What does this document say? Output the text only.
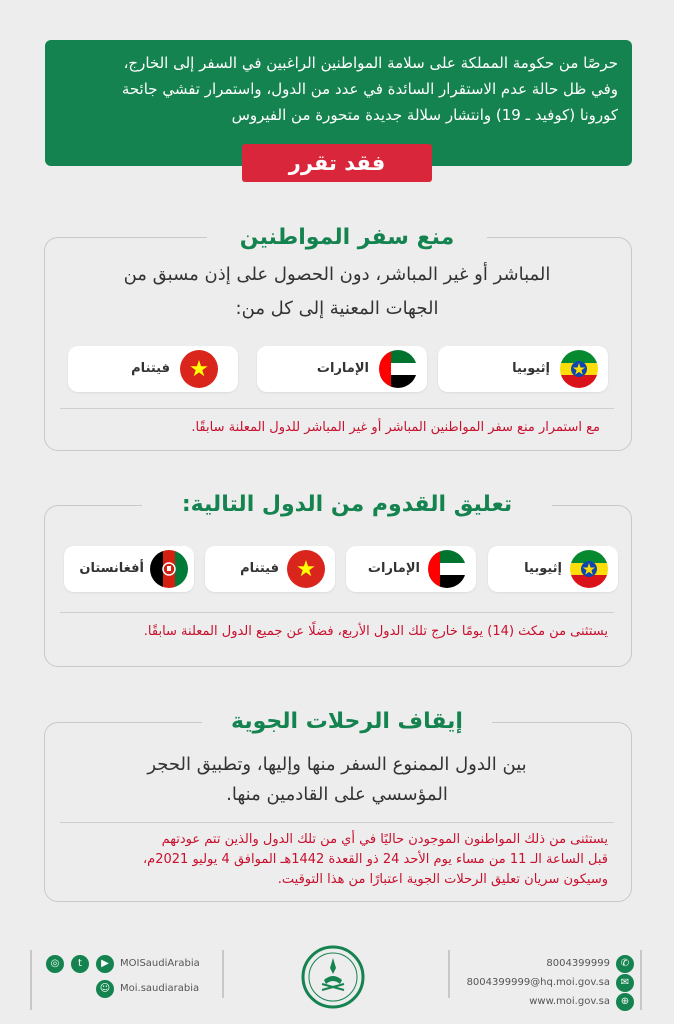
حرصًا من حكومة المملكة على سلامة المواطنين الراغبين في السفر إلى الخارج،
وفي ظل حالة عدم الاستقرار السائدة في عدد من الدول، واستمرار تفشي جائحة
كورونا (كوفيد ـ 19) وانتشار سلالة جديدة متحورة من الفيروس
فقد تقرر
منع سفر المواطنين
المباشر أو غير المباشر، دون الحصول على إذن مسبق من
الجهات المعنية إلى كل من:
إثيوبيا
الإمارات
فيتنام
مع استمرار منع سفر المواطنين المباشر أو غير المباشر للدول المعلنة سابقًا.
تعليق القدوم من الدول التالية:
إثيوبيا
الإمارات
فيتنام
أفغانستان
يستثنى من مكث (14) يومًا خارج تلك الدول الأربع، فضلًا عن جميع الدول المعلنة سابقًا.
إيقاف الرحلات الجوية
بين الدول الممنوع السفر منها وإليها، وتطبيق الحجر
المؤسسي على القادمين منها.
يستثنى من ذلك المواطنون الموجودن حاليًا في أي من تلك الدول والذين تتم عودتهم
قبل الساعة الـ 11 من مساء يوم الأحد 24 ذو القعدة 1442هـ الموافق 4 يوليو 2021م،
وسيكون سريان تعليق الرحلات الجوية اعتبارًا من هذا التوقيت.
◎	t	▶	MOISaudiArabia
☺ Moi.saudiarabia
8004399999	✆
8004399999@hq.moi.gov.sa	✉
www.moi.gov.sa	⊕
